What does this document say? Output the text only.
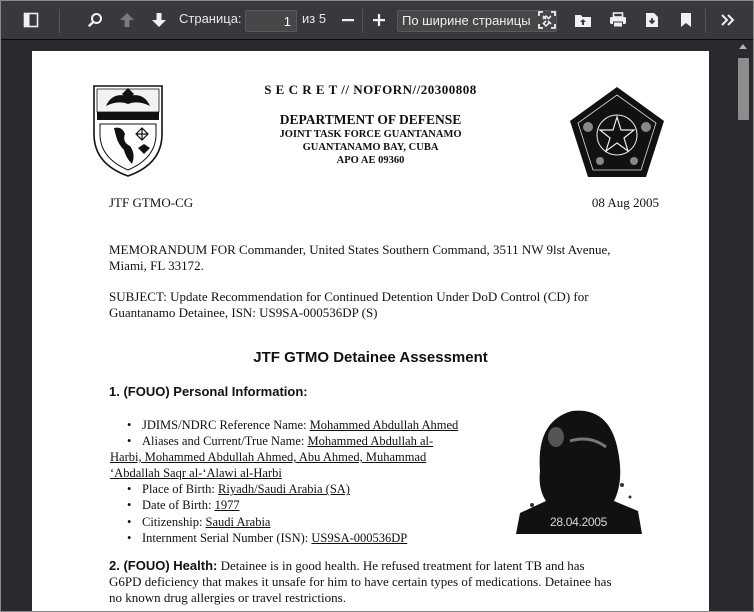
Страница:
1	из 5	По ширине страницы
S E C R E T // NOFORN//20300808
DEPARTMENT OF DEFENSE
JOINT TASK FORCE GUANTANAMO
GUANTANAMO BAY, CUBA
APO AE 09360
JTF GTMO-CG	08 Aug 2005
MEMORANDUM FOR Commander, United States Southern Command, 3511 NW 9lst Avenue,
Miami, FL 33172.
SUBJECT: Update Recommendation for Continued Detention Under DoD Control (CD) for
Guantanamo Detainee, ISN: US9SA-000536DP (S)
JTF GTMO Detainee Assessment
1. (FOUO) Personal Information:
• JDIMS/NDRC Reference Name: Mohammed Abdullah Ahmed
• Aliases and Current/True Name: Mohammed Abdullah al-
Harbi, Mohammed Abdullah Ahmed, Abu Ahmed, Muhammad
‘Abdallah Saqr al-‘Alawi al-Harbi
• Place of Birth: Riyadh/Saudi Arabia (SA)
• Date of Birth: 1977
• Citizenship: Saudi Arabia
• Internment Serial Number (ISN): US9SA-000536DP
28.04.2005
2. (FOUO) Health: Detainee is in good health. He refused treatment for latent TB and has
G6PD deficiency that makes it unsafe for him to have certain types of medications. Detainee has
no known drug allergies or travel restrictions.
